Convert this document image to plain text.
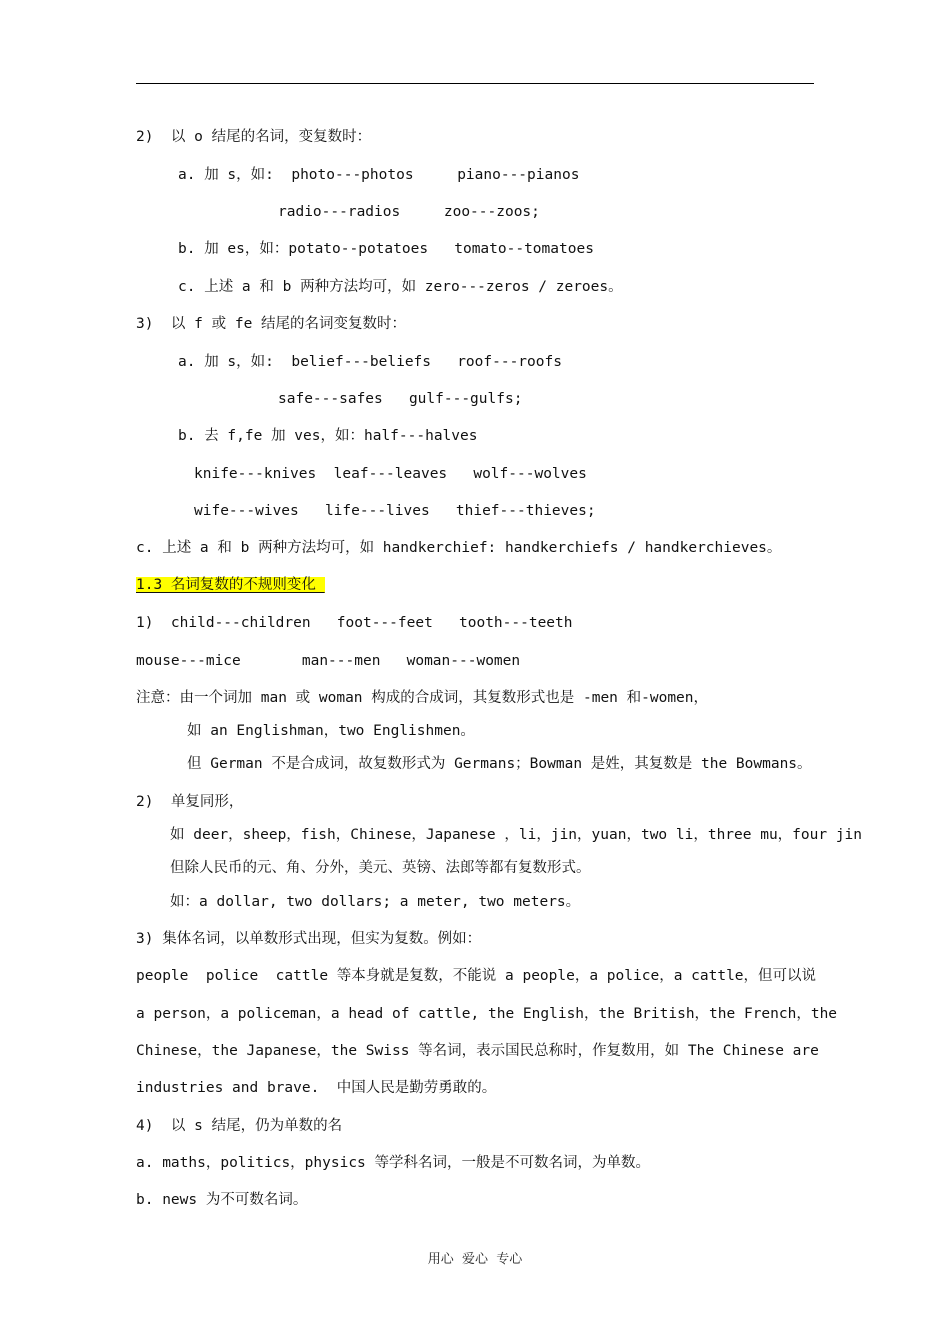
2)  以 o 结尾的名词，变复数时：
a. 加 s，如:  photo---photos     piano---pianos
radio---radios     zoo---zoos;
b. 加 es，如：potato--potatoes   tomato--tomatoes
c. 上述 a 和 b 两种方法均可，如 zero---zeros / zeroes。
3)  以 f 或 fe 结尾的名词变复数时：
a. 加 s，如:  belief---beliefs   roof---roofs
safe---safes   gulf---gulfs;
b. 去 f,fe 加 ves，如：half---halves
knife---knives  leaf---leaves   wolf---wolves
wife---wives   life---lives   thief---thieves;
c. 上述 a 和 b 两种方法均可，如 handkerchief: handkerchiefs / handkerchieves。
1.3 名词复数的不规则变化
1)  child---children   foot---feet   tooth---teeth
mouse---mice       man---men   woman---women
注意：由一个词加 man 或 woman 构成的合成词，其复数形式也是 -men 和-women，
如 an Englishman，two Englishmen。
但 German 不是合成词，故复数形式为 Germans；Bowman 是姓，其复数是 the Bowmans。
2)  单复同形，
如 deer，sheep，fish，Chinese，Japanese ，li，jin，yuan，two li，three mu，four jin
但除人民币的元、角、分外，美元、英镑、法郎等都有复数形式。
如：a dollar, two dollars; a meter, two meters。
3) 集体名词，以单数形式出现，但实为复数。例如：
people  police  cattle 等本身就是复数，不能说 a people，a police，a cattle，但可以说
a person，a policeman，a head of cattle, the English，the British，the French，the
Chinese，the Japanese，the Swiss 等名词，表示国民总称时，作复数用，如 The Chinese are
industries and brave.  中国人民是勤劳勇敢的。
4)  以 s 结尾，仍为单数的名
a. maths，politics，physics 等学科名词，一般是不可数名词，为单数。
b. news 为不可数名词。
用心  爱心  专心
